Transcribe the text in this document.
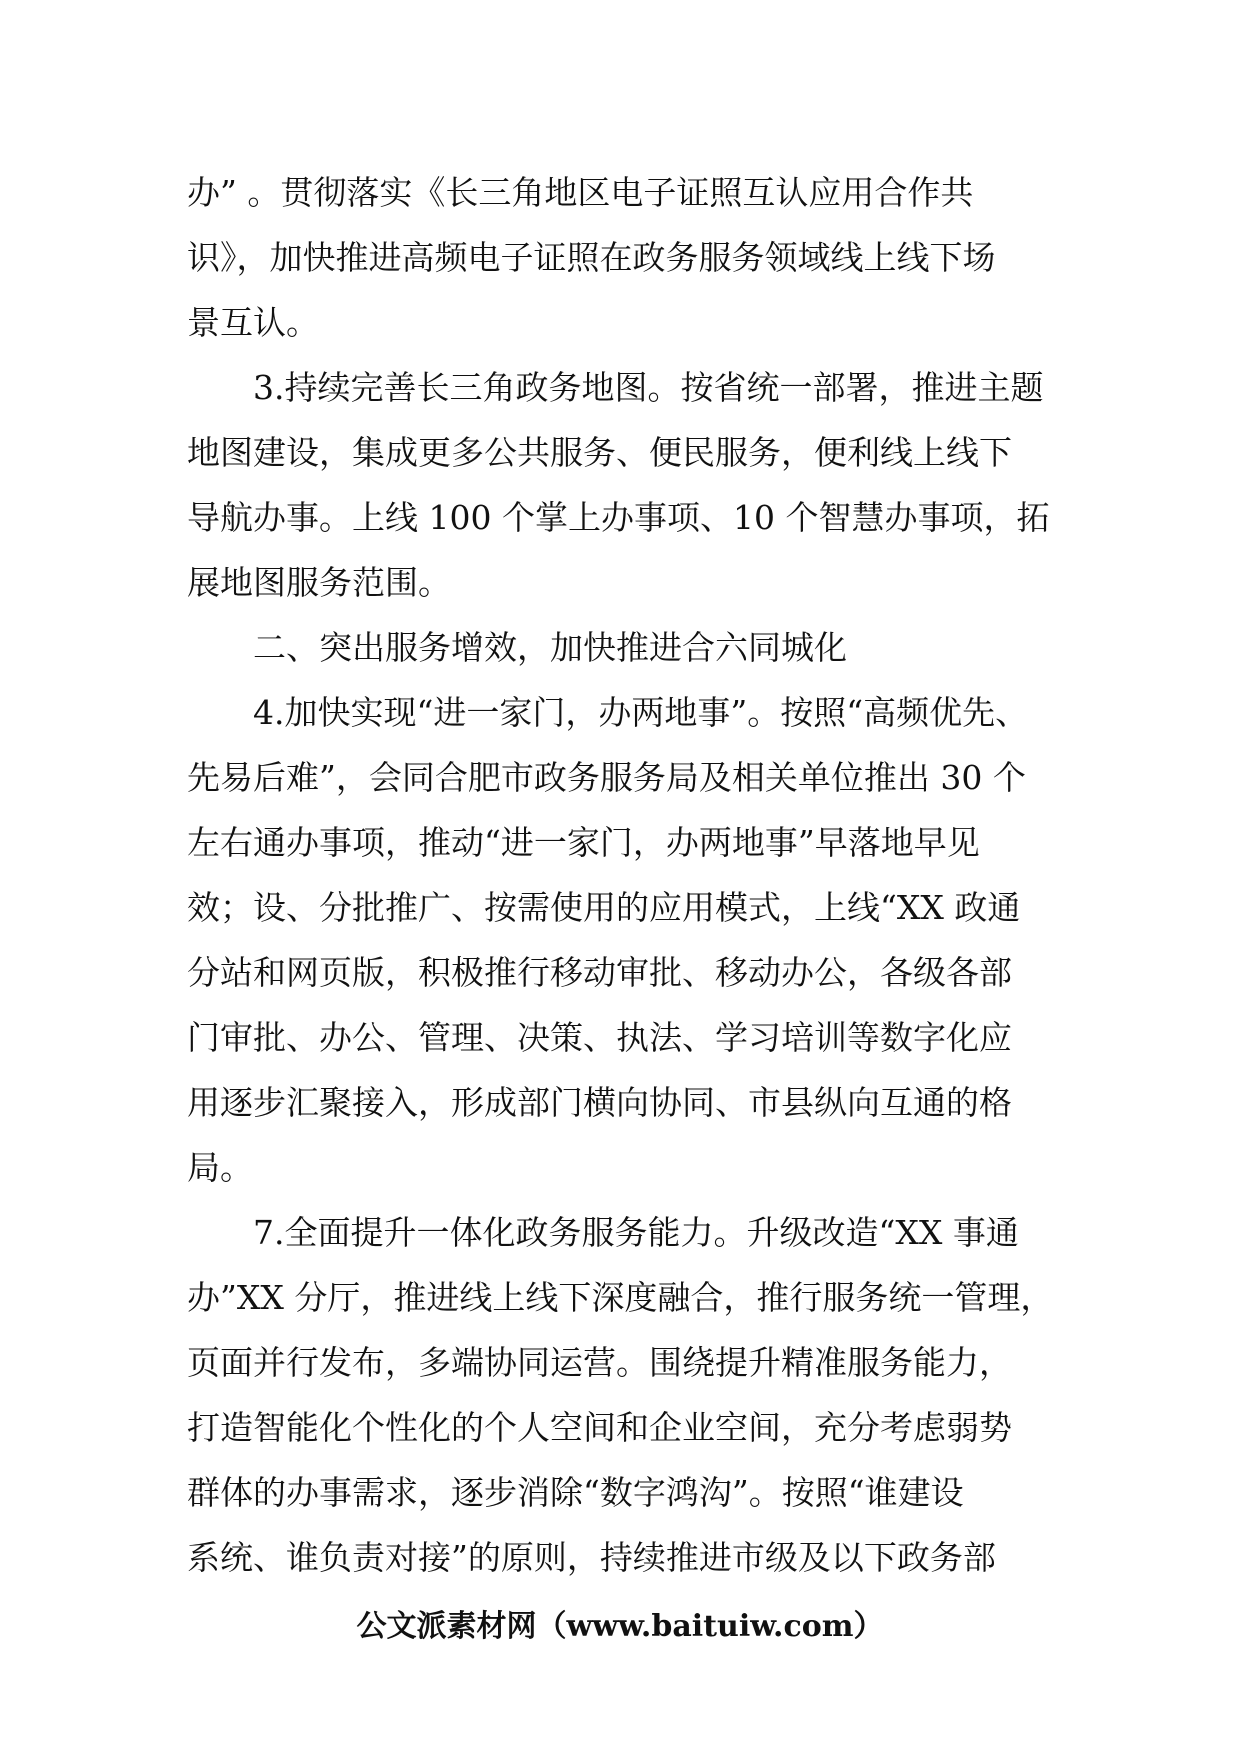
办” 。贯彻落实《长三角地区电子证照互认应用合作共
识》，加快推进高频电子证照在政务服务领域线上线下场
景互认。
3.持续完善长三角政务地图。按省统一部署，推进主题
地图建设，集成更多公共服务、便民服务，便利线上线下
导航办事。上线 100 个掌上办事项、10 个智慧办事项，拓
展地图服务范围。
二、突出服务增效，加快推进合六同城化
4.加快实现“进一家门，办两地事”。按照“高频优先、
先易后难”，会同合肥市政务服务局及相关单位推出 30 个
左右通办事项，推动“进一家门，办两地事”早落地早见
效；设、分批推广、按需使用的应用模式，上线“XX 政通
分站和网页版，积极推行移动审批、移动办公，各级各部
门审批、办公、管理、决策、执法、学习培训等数字化应
用逐步汇聚接入，形成部门横向协同、市县纵向互通的格
局。
7.全面提升一体化政务服务能力。升级改造“XX 事通
办”XX 分厅，推进线上线下深度融合，推行服务统一管理，
页面并行发布，多端协同运营。围绕提升精准服务能力，
打造智能化个性化的个人空间和企业空间，充分考虑弱势
群体的办事需求，逐步消除“数字鸿沟”。按照“谁建设
系统、谁负责对接”的原则，持续推进市级及以下政务部
公文派素材网（www.baituiw.com）
